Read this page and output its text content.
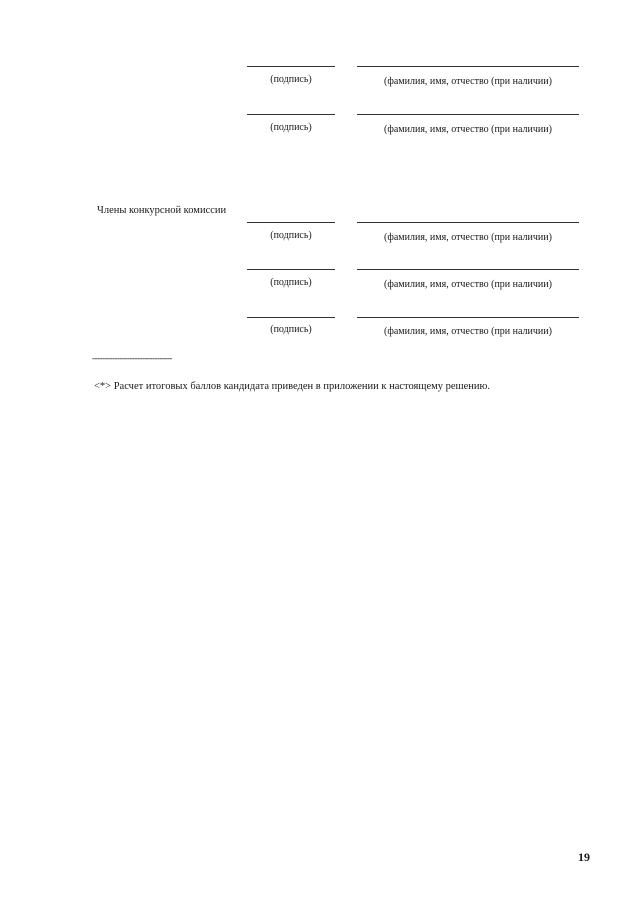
(подпись)	(фамилия, имя, отчество (при наличии)
(подпись)	(фамилия, имя, отчество (при наличии)
Члены конкурсной комиссии
(подпись)	(фамилия, имя, отчество (при наличии)
(подпись)	(фамилия, имя, отчество (при наличии)
(подпись)	(фамилия, имя, отчество (при наличии)
--------------------------------
<*> Расчет итоговых баллов кандидата приведен в приложении к настоящему решению.
19
